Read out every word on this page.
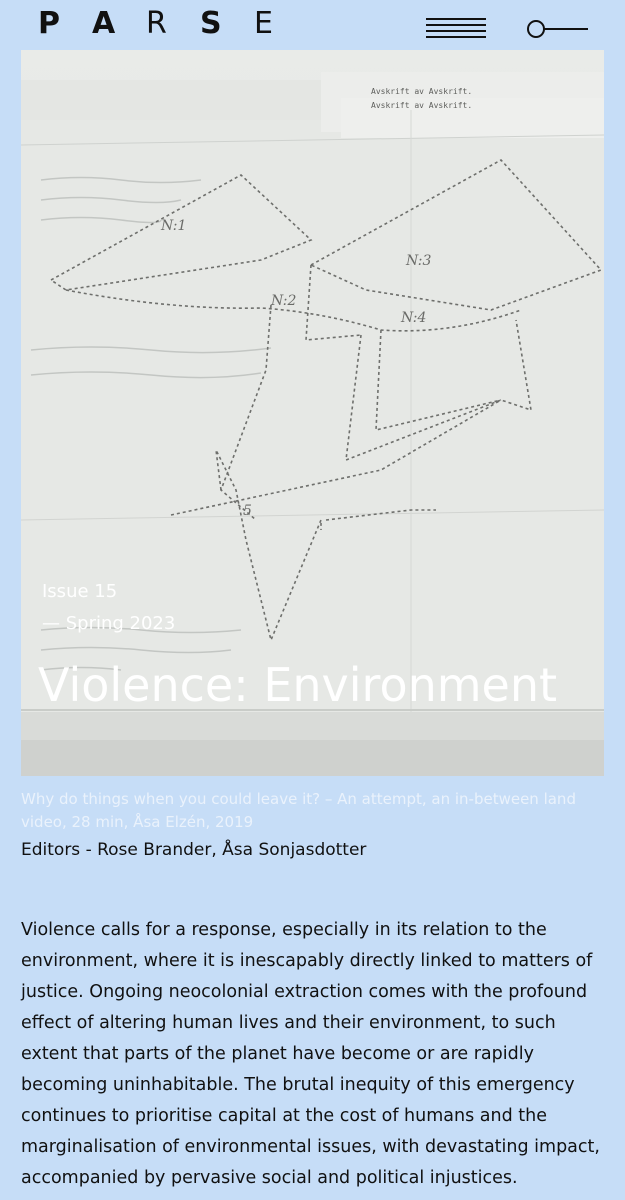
P	A	R	S	E
N:1
N:2
N:3
N:4
5
Avskrift av Avskrift.
Avskrift av Avskrift.
Issue 15
— Spring 2023
Violence: Environment
Why do things when you could leave it? – An attempt, an in-between land video, 28 min, Åsa Elzén, 2019
Editors - Rose Brander, Åsa Sonjasdotter

Violence calls for a response, especially in its relation to the environment, where it is inescapably directly linked to matters of justice. Ongoing neocolonial extraction comes with the profound effect of altering human lives and their environment, to such extent that parts of the planet have become or are rapidly becoming uninhabitable. The brutal inequity of this emergency continues to prioritise capital at the cost of humans and the marginalisation of environmental issues, with devastating impact, accompanied by pervasive social and political injustices.
